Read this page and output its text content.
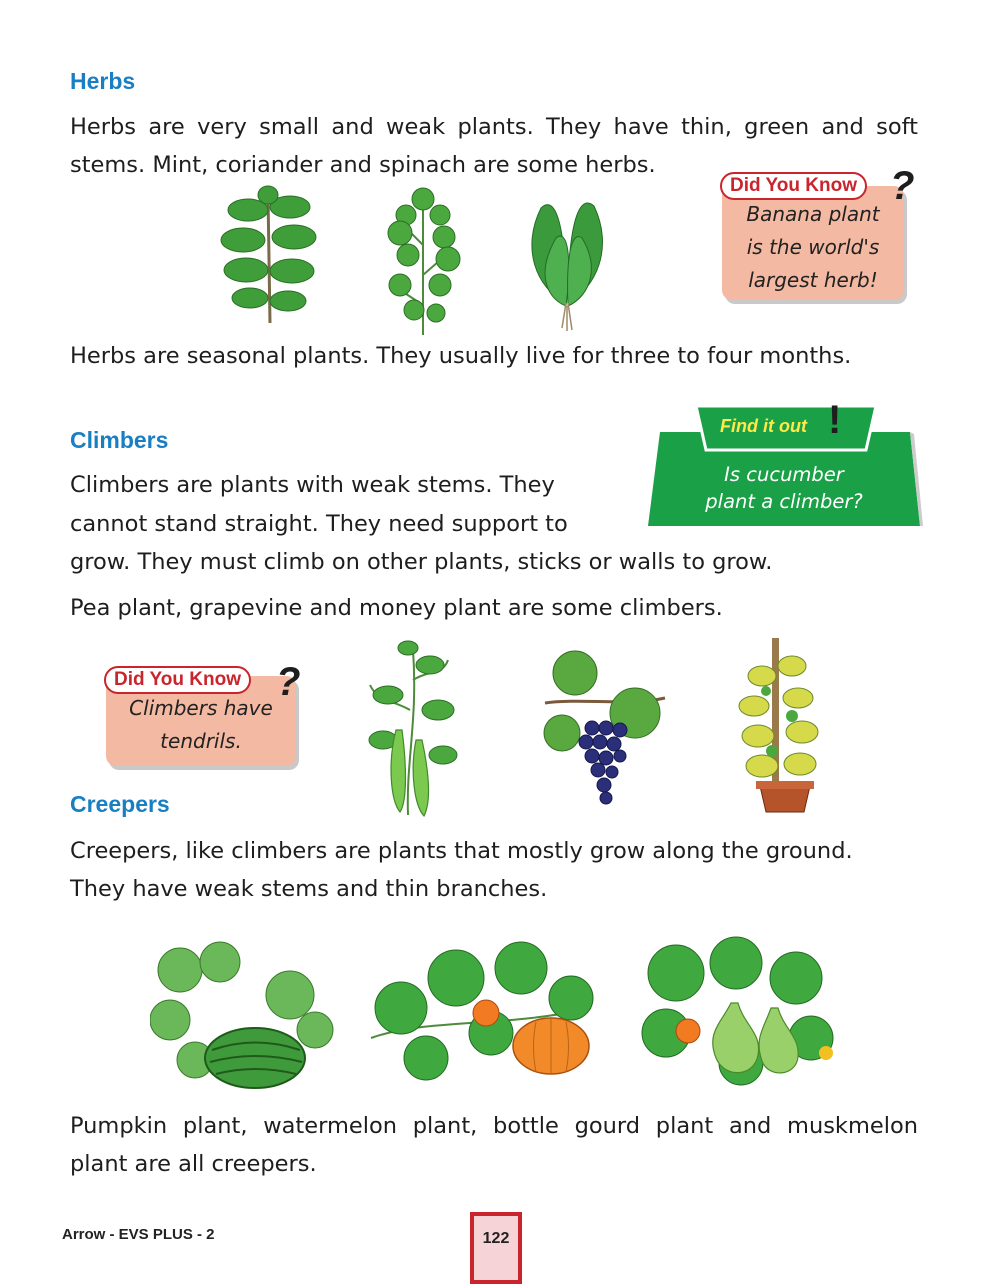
Herbs
Herbs are very small and weak plants. They have thin, green and soft
stems. Mint, coriander and spinach are some herbs.
Banana plant
is the world's
largest herb!
Did You Know ?
Herbs are seasonal plants. They usually live for three to four months.
Climbers
Find it out !
Is cucumber
plant a climber?
Climbers are plants with weak stems. They
cannot stand straight. They need support to
grow. They must climb on other plants, sticks or walls to grow.
Pea plant, grapevine and money plant are some climbers.
Climbers have
tendrils.
Did You Know ?
Creepers
Creepers, like climbers are plants that mostly grow along the ground.
They have weak stems and thin branches.
Pumpkin plant, watermelon plant, bottle gourd plant and muskmelon
plant are all creepers.
Arrow - EVS PLUS - 2	122
